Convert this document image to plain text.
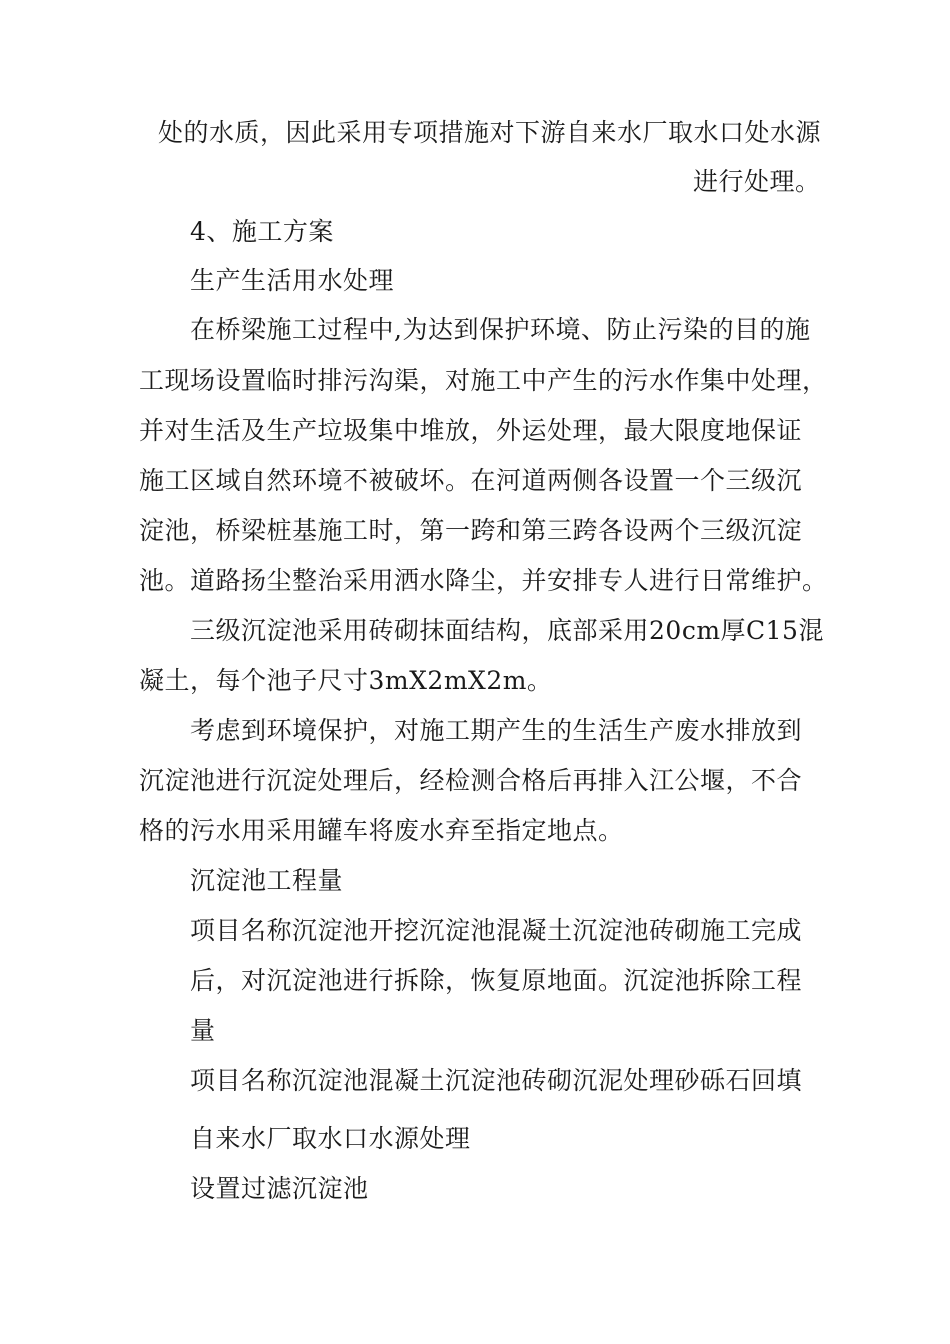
处的水质，因此采用专项措施对下游自来水厂取水口处水源
进行处理。
4、施工方案
生产生活用水处理
在桥梁施工过程中,为达到保护环境、防止污染的目的施
工现场设置临时排污沟渠，对施工中产生的污水作集中处理，
并对生活及生产垃圾集中堆放，外运处理，最大限度地保证
施工区域自然环境不被破坏。在河道两侧各设置一个三级沉
淀池，桥梁桩基施工时，第一跨和第三跨各设两个三级沉淀
池。道路扬尘整治采用洒水降尘，并安排专人进行日常维护。
三级沉淀池采用砖砌抹面结构，底部采用20cm厚C15混
凝土，每个池子尺寸3mX2mX2m。
考虑到环境保护，对施工期产生的生活生产废水排放到
沉淀池进行沉淀处理后，经检测合格后再排入江公堰，不合
格的污水用采用罐车将废水弃至指定地点。
沉淀池工程量
项目名称沉淀池开挖沉淀池混凝土沉淀池砖砌施工完成
后，对沉淀池进行拆除，恢复原地面。沉淀池拆除工程
量
项目名称沉淀池混凝土沉淀池砖砌沉泥处理砂砾石回填
自来水厂取水口水源处理
设置过滤沉淀池
